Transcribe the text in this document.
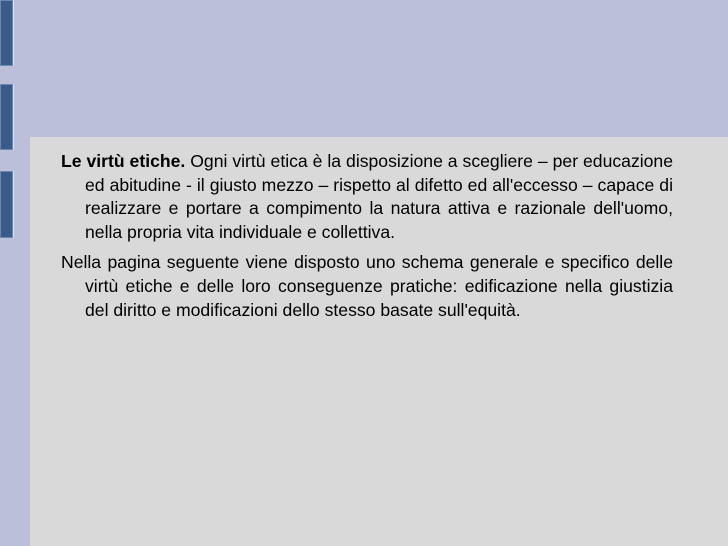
Le virtù etiche. Ogni virtù etica è la disposizione a scegliere – per educazione ed abitudine - il giusto mezzo – rispetto al difetto ed all'eccesso – capace di realizzare e portare a compimento la natura attiva e razionale dell'uomo, nella propria vita individuale e collettiva.

Nella pagina seguente viene disposto uno schema generale e specifico delle virtù etiche e delle loro conseguenze pratiche: edificazione nella giustizia del diritto e modificazioni dello stesso basate sull'equità.
